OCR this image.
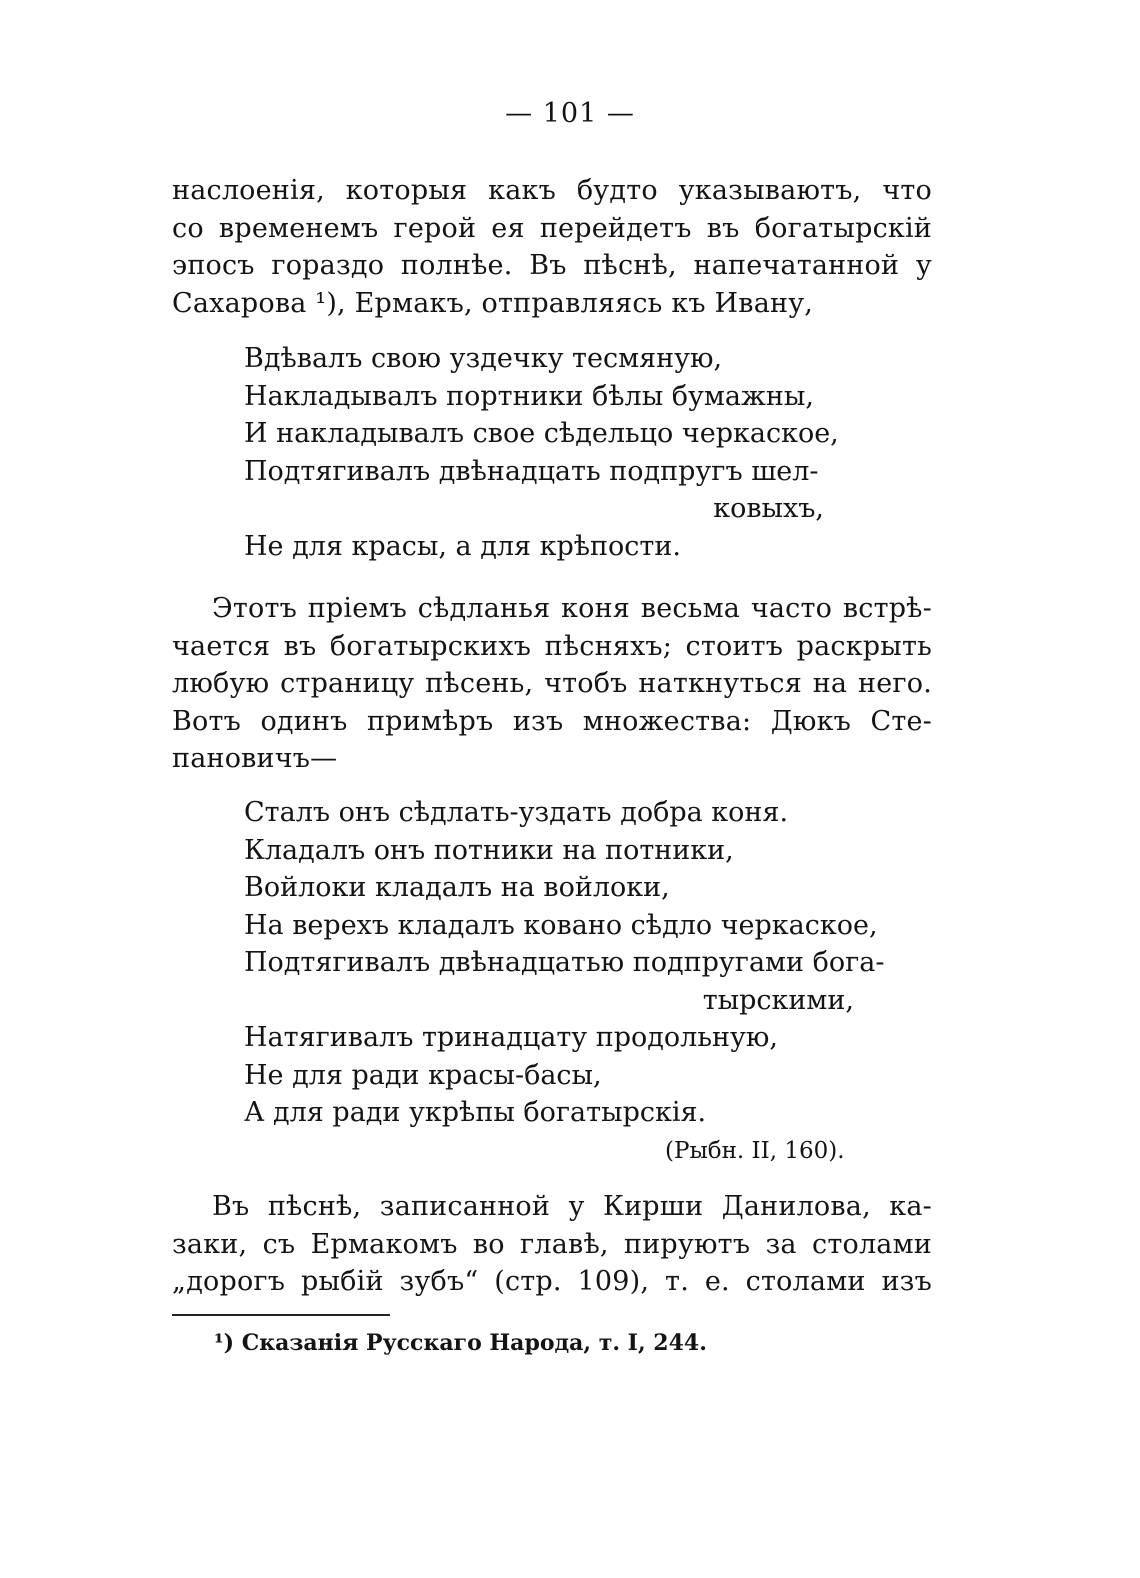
— 101 —
наслоенія, которыя какъ будто указываютъ, что
со временемъ герой ея перейдетъ въ богатырскій
эпосъ гораздо полнѣе. Въ пѣснѣ, напечатанной у
Сахарова ¹), Ермакъ, отправляясь къ Ивану,
Вдѣвалъ свою уздечку тесмяную,
Накладывалъ портники бѣлы бумажны,
И накладывалъ свое сѣдельцо черкаское,
Подтягивалъ двѣнадцать подпругъ шел-
ковыхъ,
Не для красы, а для крѣпости.
Этотъ пріемъ сѣдланья коня весьма часто встрѣ-
чается въ богатырскихъ пѣсняхъ; стоитъ раскрыть
любую страницу пѣсень, чтобъ наткнуться на него.
Вотъ одинъ примѣръ изъ множества: Дюкъ Сте-
пановичъ—
Сталъ онъ сѣдлать-уздать добра коня.
Кладалъ онъ потники на потники,
Войлоки кладалъ на войлоки,
На верехъ кладалъ ковано сѣдло черкаское,
Подтягивалъ двѣнадцатью подпругами бога-
тырскими,
Натягивалъ тринадцату продольную,
Не для ради красы-басы,
А для ради укрѣпы богатырскія.
(Рыбн. II, 160).
Въ пѣснѣ, записанной у Кирши Данилова, ка-
заки, съ Ермакомъ во главѣ, пируютъ за столами
„дорогъ рыбій зубъ“ (стр. 109), т. е. столами изъ
¹) Сказанія Русскаго Народа, т. I, 244.
